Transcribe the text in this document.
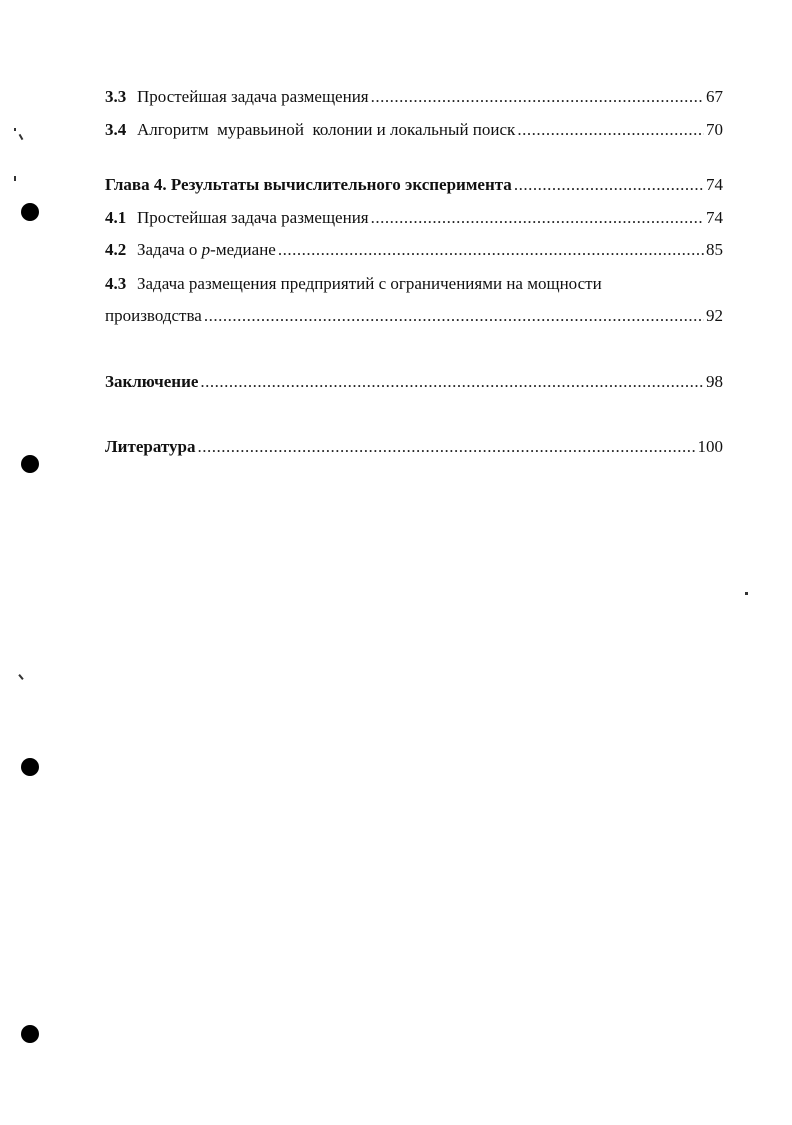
3.3 Простейшая задача размещения .....	67
3.4 Алгоритм  муравьиной  колонии и локальный поиск .....	70
Глава 4. Результаты вычислительного эксперимента .....	74
4.1 Простейшая задача размещения .....	74
4.2 Задача о p-медиане .....	85
4.3 Задача размещения предприятий с ограничениями на мощности
производства .....	92
Заключение .....	98
Литература .....	100
